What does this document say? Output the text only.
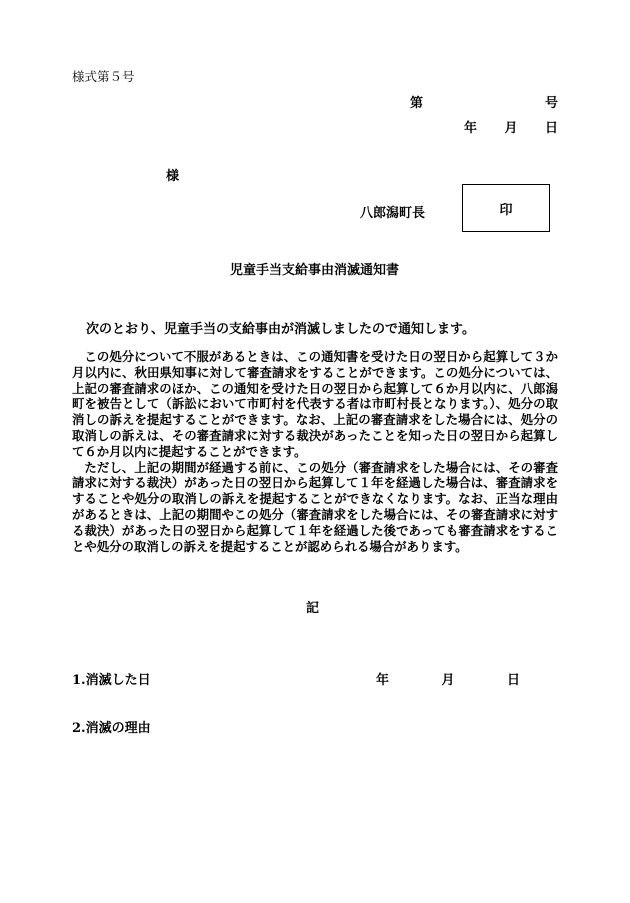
様式第５号
第	号
年 月 日
様
八郎潟町長	印
児童手当支給事由消滅通知書
次のとおり、児童手当の支給事由が消滅しましたので通知します。

この処分について不服があるときは、この通知書を受けた日の翌日から起算して３か月以内に、秋田県知事に対して審査請求をすることができます。この処分については、上記の審査請求のほか、この通知を受けた日の翌日から起算して６か月以内に、八郎潟町を被告として（訴訟において市町村を代表する者は市町村長となります。）、処分の取消しの訴えを提起することができます。なお、上記の審査請求をした場合には、処分の取消しの訴えは、その審査請求に対する裁決があったことを知った日の翌日から起算して６か月以内に提起することができます。

ただし、上記の期間が経過する前に、この処分（審査請求をした場合には、その審査請求に対する裁決）があった日の翌日から起算して１年を経過した場合は、審査請求をすることや処分の取消しの訴えを提起することができなくなります。なお、正当な理由があるときは、上記の期間やこの処分（審査請求をした場合には、その審査請求に対する裁決）があった日の翌日から起算して１年を経過した後であっても審査請求をすることや処分の取消しの訴えを提起することが認められる場合があります。

記
1.消滅した日	年	月	日
2.消滅の理由
